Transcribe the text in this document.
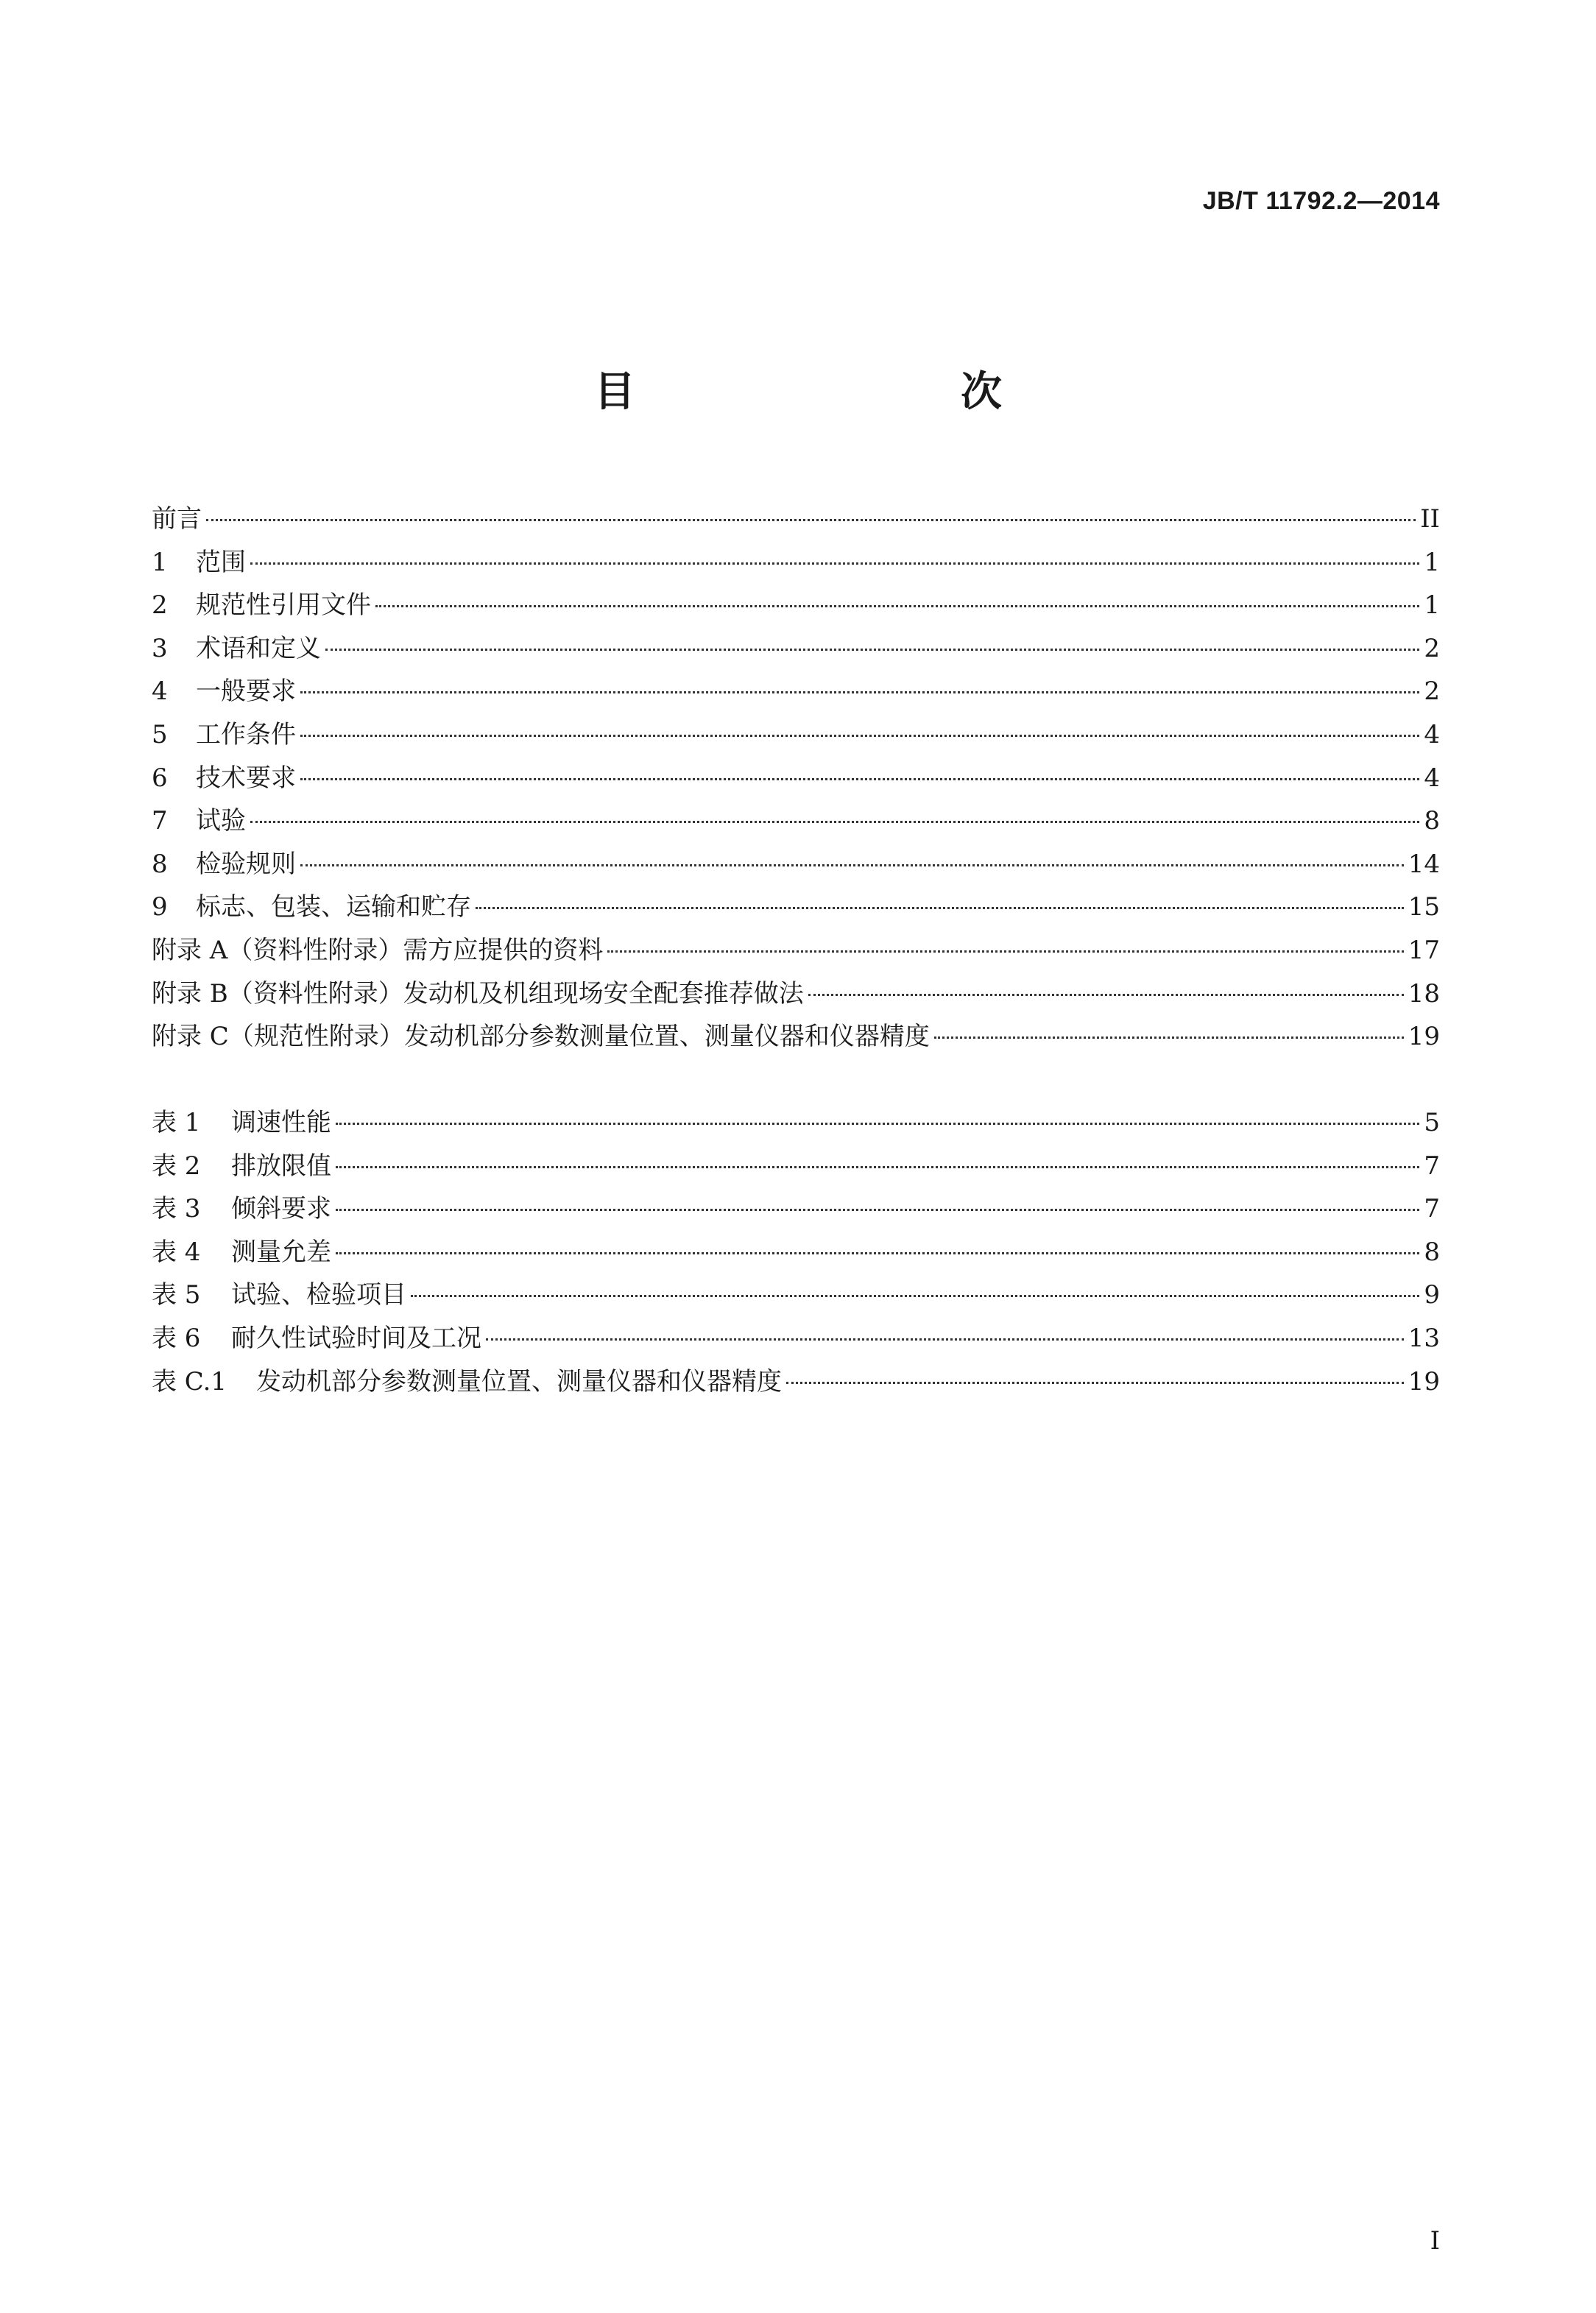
JB/T 11792.2—2014
目　　次
前言	II
1	范围	1
2	规范性引用文件	1
3	术语和定义	2
4	一般要求	2
5	工作条件	4
6	技术要求	4
7	试验	8
8	检验规则	14
9	标志、包装、运输和贮存	15
附录 A（资料性附录）需方应提供的资料	17
附录 B（资料性附录）发动机及机组现场安全配套推荐做法	18
附录 C（规范性附录）发动机部分参数测量位置、测量仪器和仪器精度	19
表 1	调速性能	5
表 2	排放限值	7
表 3	倾斜要求	7
表 4	测量允差	8
表 5	试验、检验项目	9
表 6	耐久性试验时间及工况	13
表 C.1	发动机部分参数测量位置、测量仪器和仪器精度	19
I
